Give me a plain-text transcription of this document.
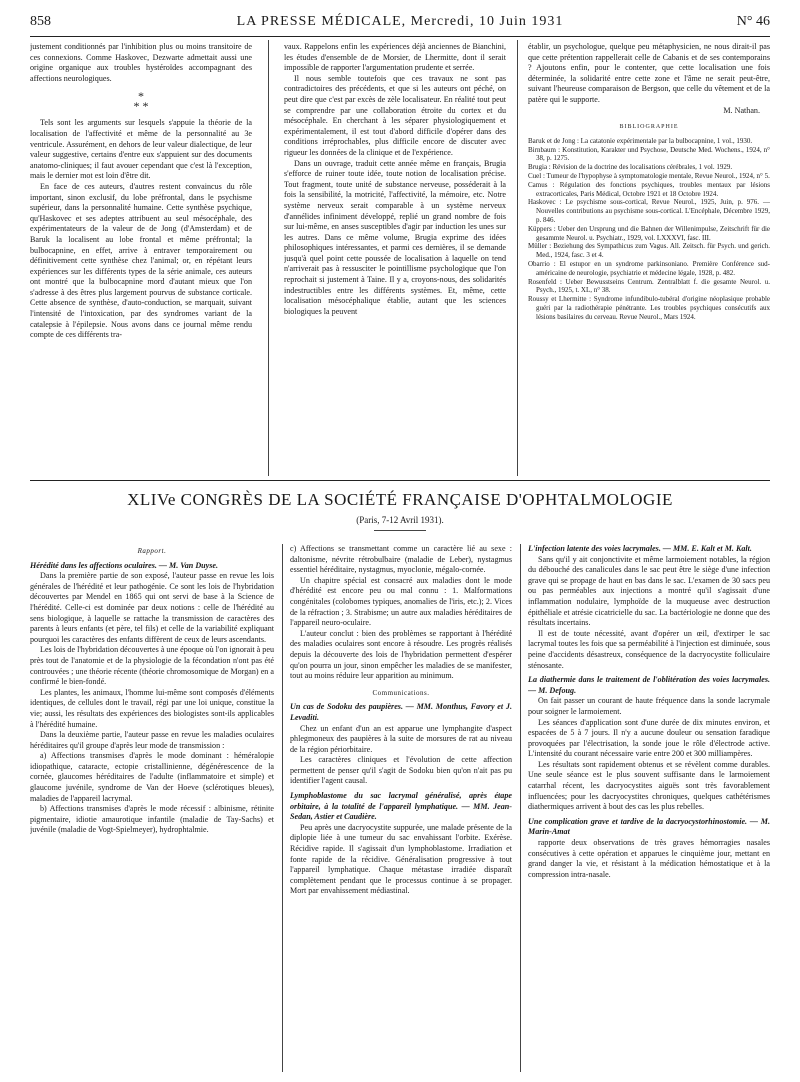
858	LA PRESSE MÉDICALE, Mercredi, 10 Juin 1931	N° 46

justement conditionnés par l'inhibition plus ou moins transitoire de ces connexions. Comme Haskovec, Dezwarte admettait aussi une origine organique aux troubles hystéroïdes accompagnant des affections neurologiques.

*
* *

Tels sont les arguments sur lesquels s'appuie la théorie de la localisation de l'affectivité et même de la personnalité au 3e ventricule. Assurément, en dehors de leur valeur dialectique, de leur valeur suggestive, certains d'entre eux s'appuient sur des documents anatomo-cliniques; il faut avouer cependant que c'est là l'exception, mais le dernier mot est loin d'être dit.

En face de ces auteurs, d'autres restent convaincus du rôle important, sinon exclusif, du lobe préfrontal, dans le psychisme supérieur, dans la personnalité humaine. Cette synthèse psychique, qu'Haskovec et ses adeptes attribuent au seul mésocéphale, des expérimentateurs de la valeur de de Jong (d'Amsterdam) et de Baruk la localisent au lobe frontal et même préfrontal; la bulbocapnine, en effet, arrive à entraver temporairement ou définitivement cette synthèse chez l'animal; or, en répétant leurs expériences sur les différents types de la série animale, ces auteurs ont montré que la bulbocapnine mord d'autant mieux que l'on s'adresse à des êtres plus largement pourvus de substance corticale. Cette absence de synthèse, d'auto-conduction, se marquait, suivant l'intensité de l'intoxication, par des syndromes variant de la catalepsie à l'épilepsie. Nous avons dans ce journal même rendu compte de ces différents tra-

vaux. Rappelons enfin les expériences déjà anciennes de Bianchini, les études d'ensemble de de Morsier, de Lhermitte, dont il serait impossible de rapporter l'argumentation prudente et serrée.

Il nous semble toutefois que ces travaux ne sont pas contradictoires des précédents, et que si les auteurs ont péché, on peut dire que c'est par excès de zèle localisateur. En réalité tout peut se comprendre par une collaboration étroite du cortex et du mésocéphale. En cherchant à les séparer physiologiquement et expérimentalement, il est tout d'abord difficile d'opérer dans des conditions irréprochables, plus difficile encore de discuter avec rigueur les données de la clinique et de l'expérience.

Dans un ouvrage, traduit cette année même en français, Brugia s'efforce de ruiner toute idée, toute notion de localisation précise. Tout fragment, toute unité de substance nerveuse, posséderait à la fois la sensibilité, la motricité, l'affectivité, la mémoire, etc. Notre système nerveux serait comparable à un système nerveux d'annélides infiniment développé, replié un grand nombre de fois sur lui-même, en anses susceptibles d'agir par induction les unes sur les autres. Dans ce même volume, Brugia exprime des idées philosophiques intéressantes, et parmi ces dernières, il se demande jusqu'à quel point cette poussée de localisation à laquelle on tend n'arriverait pas à ressusciter le pointillisme psychologique que l'on reprochait si justement à Taine. Il y a, croyons-nous, des solidarités indestructibles entre les différents systèmes. Et, même, cette localisation mésocéphalique établie, autant que les sciences biologiques la peuvent

établir, un psychologue, quelque peu métaphysicien, ne nous dirait-il pas que cette prétention rappellerait celle de Cabanis et de ses contemporains ? Ajoutons enfin, pour le contenter, que cette localisation une fois déterminée, la solidarité entre cette zone et l'âme ne serait peut-être, suivant l'heureuse comparaison de Bergson, que celle du vêtement et de la patère qui le supporte.

M. Nathan.
BIBLIOGRAPHIE

Baruk et de Jong : La catatonie expérimentale par la bulbocapnine, 1 vol., 1930.

Birnbaum : Konstitution, Karakter und Psychose, Deutsche Med. Wochens., 1924, n° 38, p. 1275.

Brugia : Révision de la doctrine des localisations cérébrales, 1 vol. 1929.

Cuel : Tumeur de l'hypophyse à symptomatologie mentale, Revue Neurol., 1924, n° 5.

Camus : Régulation des fonctions psychiques, troubles mentaux par lésions extracorticales, Paris Médical, Octobre 1921 et 18 Octobre 1924.

Haskovec : Le psychisme sous-cortical, Revue Neurol., 1925, Juin, p. 976. — Nouvelles contributions au psychisme sous-cortical. L'Encéphale, Décembre 1929, p. 846.

Küppers : Ueber den Ursprung und die Bahnen der Willenimpulse, Zeitschrift für die gesammte Neurol. u. Psychiatr., 1929, vol. LXXXVI, fasc. III.

Müller : Beziehung des Sympathicus zum Vagus. All. Zeitsch. für Psych. und gerich. Med., 1924, fasc. 3 et 4.

Obarrio : El estupor en un syndrome parkinsoniano. Première Conférence sud-américaine de neurologie, psychiatrie et médecine légale, 1928, p. 482.

Rosenfeld : Ueber Bewusstseins Centrum. Zentralblatt f. die gesamte Neurol. u. Psych., 1925, t. XL, n° 38.

Roussy et Lhermitte : Syndrome infundibulo-tubéral d'origine néoplasique probable guéri par la radiothérapie pénétrante. Les troubles psychiques consécutifs aux lésions basilaires du cerveau. Revue Neurol., Mars 1924.

XLIVe CONGRÈS DE LA SOCIÉTÉ FRANÇAISE D'OPHTALMOLOGIE
(Paris, 7-12 Avril 1931).
Rapport.

Hérédité dans les affections oculaires. — M. Van Duyse.

Dans la première partie de son exposé, l'auteur passe en revue les lois générales de l'hérédité et leur pathogénie. Ce sont les lois de l'hybridation découvertes par Mendel en 1865 qui ont servi de base à la Science de l'hérédité. Celle-ci est dominée par deux notions : celle de l'hérédité au sens biologique, à laquelle se rattache la transmission de caractères des parents à leurs enfants (et père, tel fils) et celle de la variabilité expliquant pourquoi les caractères des enfants diffèrent de ceux de leurs ascendants.

Les lois de l'hybridation découvertes à une époque où l'on ignorait à peu près tout de l'anatomie et de la physiologie de la fécondation n'ont pas été controuvées ; une théorie récente (théorie chromosomique de Morgan) en a confirmé le bien-fondé.

Les plantes, les animaux, l'homme lui-même sont composés d'éléments identiques, de cellules dont le travail, régi par une loi unique, constitue la vie; aussi, les résultats des expériences des biologistes sont-ils applicables à l'hérédité humaine.

Dans la deuxième partie, l'auteur passe en revue les maladies oculaires héréditaires qu'il groupe d'après leur mode de transmission :

a) Affections transmises d'après le mode dominant : héméralopie idiopathique, cataracte, ectopie cristallinienne, dégénérescence de la cornée, glaucomes héréditaires de l'adulte (inflammatoire et simple) et glaucome juvénile, syndrome de Van der Hoeve (sclérotiques bleues), maladies de l'appareil lacrymal.

b) Affections transmises d'après le mode récessif : albinisme, rétinite pigmentaire, idiotie amaurotique infantile (maladie de Tay-Sachs) et juvénile (maladie de Vogt-Spielmeyer), hydrophtalmie.

c) Affections se transmettant comme un caractère lié au sexe : daltonisme, névrite rétrobulbaire (maladie de Leber), nystagmus essentiel héréditaire, nystagmus, myoclonie, mégalo-cornée.

Un chapitre spécial est consacré aux maladies dont le mode d'hérédité est encore peu ou mal connu : 1. Malformations congénitales (colobomes typiques, anomalies de l'iris, etc.); 2. Vices de la réfraction ; 3. Strabisme; un autre aux maladies héréditaires de l'appareil neuro-oculaire.

L'auteur conclut : bien des problèmes se rapportant à l'hérédité des maladies oculaires sont encore à résoudre. Les progrès réalisés depuis la découverte des lois de l'hybridation permettent d'espérer qu'on pourra un jour, sinon empêcher les maladies de se manifester, tout au moins réduire leur apparition au minimum.

Communications.

Un cas de Sodoku des paupières. — MM. Monthus, Favory et J. Levaditi.

Chez un enfant d'un an est apparue une lymphangite d'aspect phlegmoneux des paupières à la suite de morsures de rat au niveau de la région périorbitaire.

Les caractères cliniques et l'évolution de cette affection permettent de penser qu'il s'agit de Sodoku bien qu'on n'ait pas pu identifier l'agent causal.

Lymphoblastome du sac lacrymal généralisé, après étape orbitaire, à la totalité de l'appareil lymphatique. — MM. Jean-Sedan, Astier et Caudière.

Peu après une dacryocystite suppurée, une malade présente de la diplopie liée à une tumeur du sac envahissant l'orbite. Exérèse. Récidive rapide. Il s'agissait d'un lymphoblastome. Irradiation et fonte rapide de la récidive. Généralisation progressive à tout l'appareil lymphatique. Chaque métastase irradiée disparaît complètement pendant que le processus continue à se propager. Mort par envahissement médiastinal.

L'infection latente des voies lacrymales. — MM. E. Kalt et M. Kalt.

Sans qu'il y ait conjonctivite et même larmoiement notables, la région du débouché des canalicules dans le sac peut être le siège d'une infection grave qui se propage de haut en bas dans le sac. L'examen de 30 sacs peu ou pas perméables aux injections a montré qu'il s'agissait d'une inflammation nodulaire, lymphoïde de la muqueuse avec destruction épithéliale et atrésie cicatricielle du sac. La bactériologie ne donne que des résultats incertains.

Il est de toute nécessité, avant d'opérer un œil, d'extirper le sac lacrymal toutes les fois que sa perméabilité à l'injection est diminuée, sous peine d'accidents désastreux, conséquence de la dacryocystite folliculaire sténosante.

La diathermie dans le traitement de l'oblitération des voies lacrymales. — M. Defoug.

On fait passer un courant de haute fréquence dans la sonde lacrymale pour soigner le larmoiement.

Les séances d'application sont d'une durée de dix minutes environ, et espacées de 5 à 7 jours. Il n'y a aucune douleur ou sensation faradique provoquées par l'électrisation, la sonde joue le rôle d'électrode active. L'intensité du courant nécessaire varie entre 200 et 300 milliampères.

Les résultats sont rapidement obtenus et se révèlent comme durables. Une seule séance est le plus souvent suffisante dans le larmoiement catarrhal récent, les dacryocystites aiguës sont très favorablement influencées; pour les dacryocystites chroniques, quelques cathétérismes diathermiques arrivent à bout des cas les plus rebelles.

Une complication grave et tardive de la dacryocystorhinostomie. — M. Marin-Amat

rapporte deux observations de très graves hémorragies nasales consécutives à cette opération et apparues le cinquième jour, mettant en grand danger la vie, et résistant à la médication hémostatique et à la compression intra-nasale.
